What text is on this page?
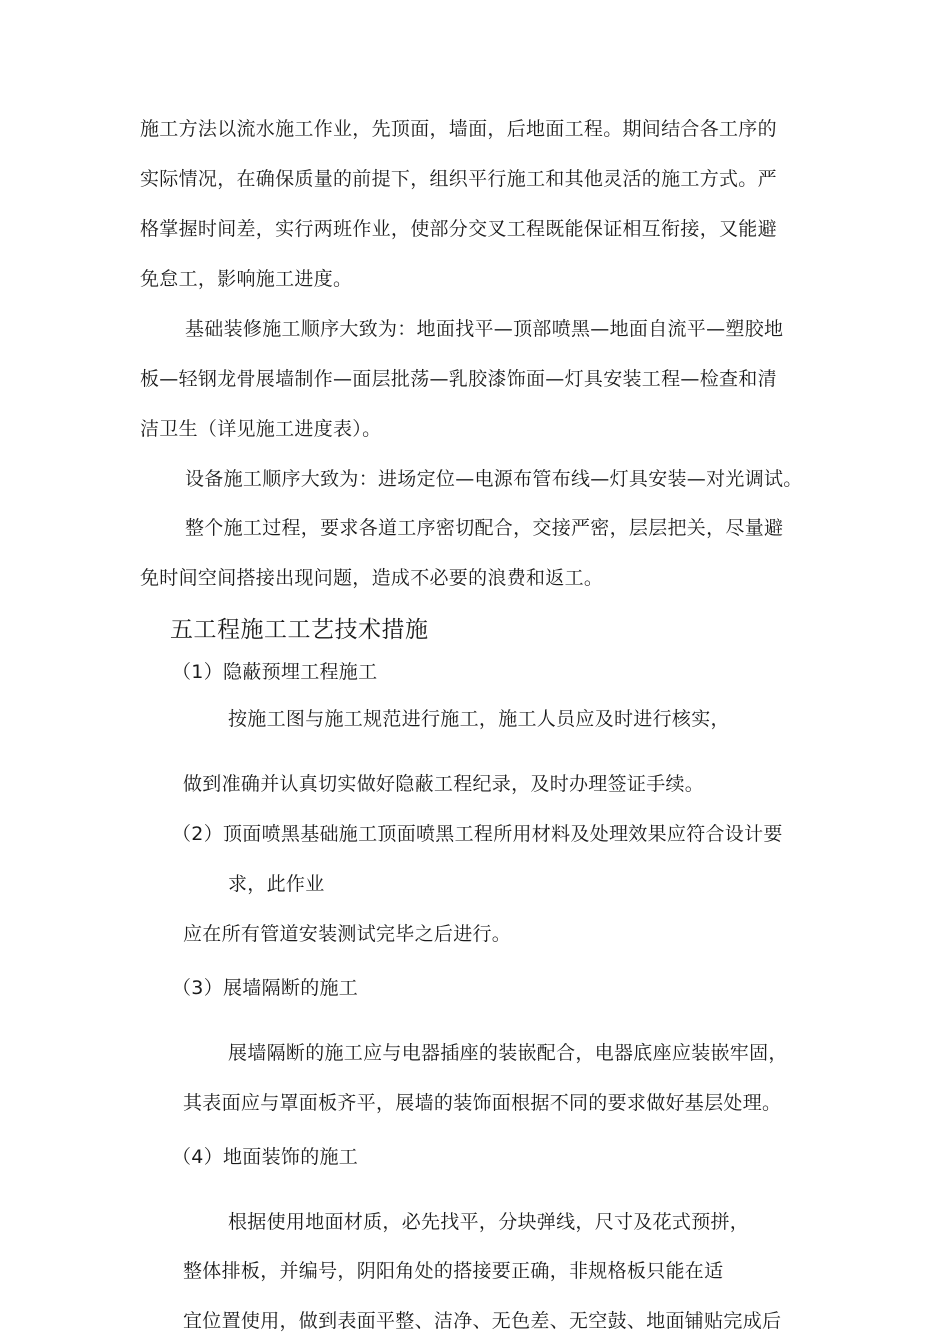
施工方法以流水施工作业，先顶面，墙面，后地面工程。期间结合各工序的
实际情况，在确保质量的前提下，组织平行施工和其他灵活的施工方式。严
格掌握时间差，实行两班作业，使部分交叉工程既能保证相互衔接，又能避
免怠工，影响施工进度。
基础装修施工顺序大致为：地面找平—顶部喷黑—地面自流平—塑胶地
板—轻钢龙骨展墙制作—面层批荡—乳胶漆饰面—灯具安装工程—检查和清
洁卫生（详见施工进度表）。
设备施工顺序大致为：进场定位—电源布管布线—灯具安装—对光调试。
整个施工过程，要求各道工序密切配合，交接严密，层层把关，尽量避
免时间空间搭接出现问题，造成不必要的浪费和返工。
五工程施工工艺技术措施
（1）隐蔽预埋工程施工
按施工图与施工规范进行施工，施工人员应及时进行核实，
做到准确并认真切实做好隐蔽工程纪录，及时办理签证手续。
（2）顶面喷黑基础施工顶面喷黑工程所用材料及处理效果应符合设计要
求，此作业
应在所有管道安装测试完毕之后进行。
（3）展墙隔断的施工
展墙隔断的施工应与电器插座的装嵌配合，电器底座应装嵌牢固，
其表面应与罩面板齐平，展墙的装饰面根据不同的要求做好基层处理。
（4）地面装饰的施工
根据使用地面材质，必先找平，分块弹线，尺寸及花式预拼，
整体排板，并编号，阴阳角处的搭接要正确，非规格板只能在适
宜位置使用，做到表面平整、洁净、无色差、无空鼓、地面铺贴完成后
